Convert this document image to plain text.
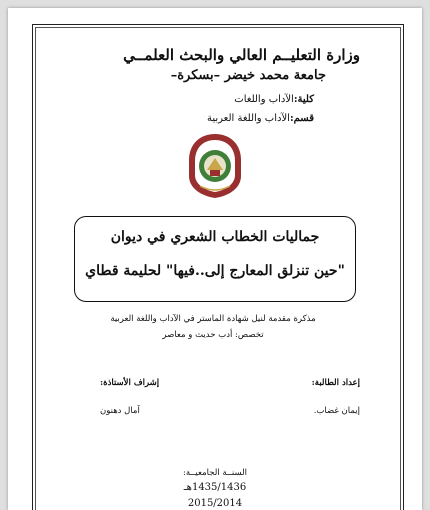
وزارة التعليــم العالي والبحث العلمــي
جامعة محمد خيضر –بسكرة–
كلية:الآداب واللغات
قسم:الآداب واللغة العربية
جماليات الخطاب الشعري في ديوان
"حين تنزلق المعارج إلى..فيها" لحليمة قطاي
مذكرة مقدمة لنيل شهادة الماستر في الآداب واللغة العربية
تخصص: أدب حديث و معاصر
إعداد الطالبة:
إيمان غضاب.
إشراف الأستاذة:
آمال دهنون
السنــة الجامعيــة:
1435/1436هـ
2015/2014
